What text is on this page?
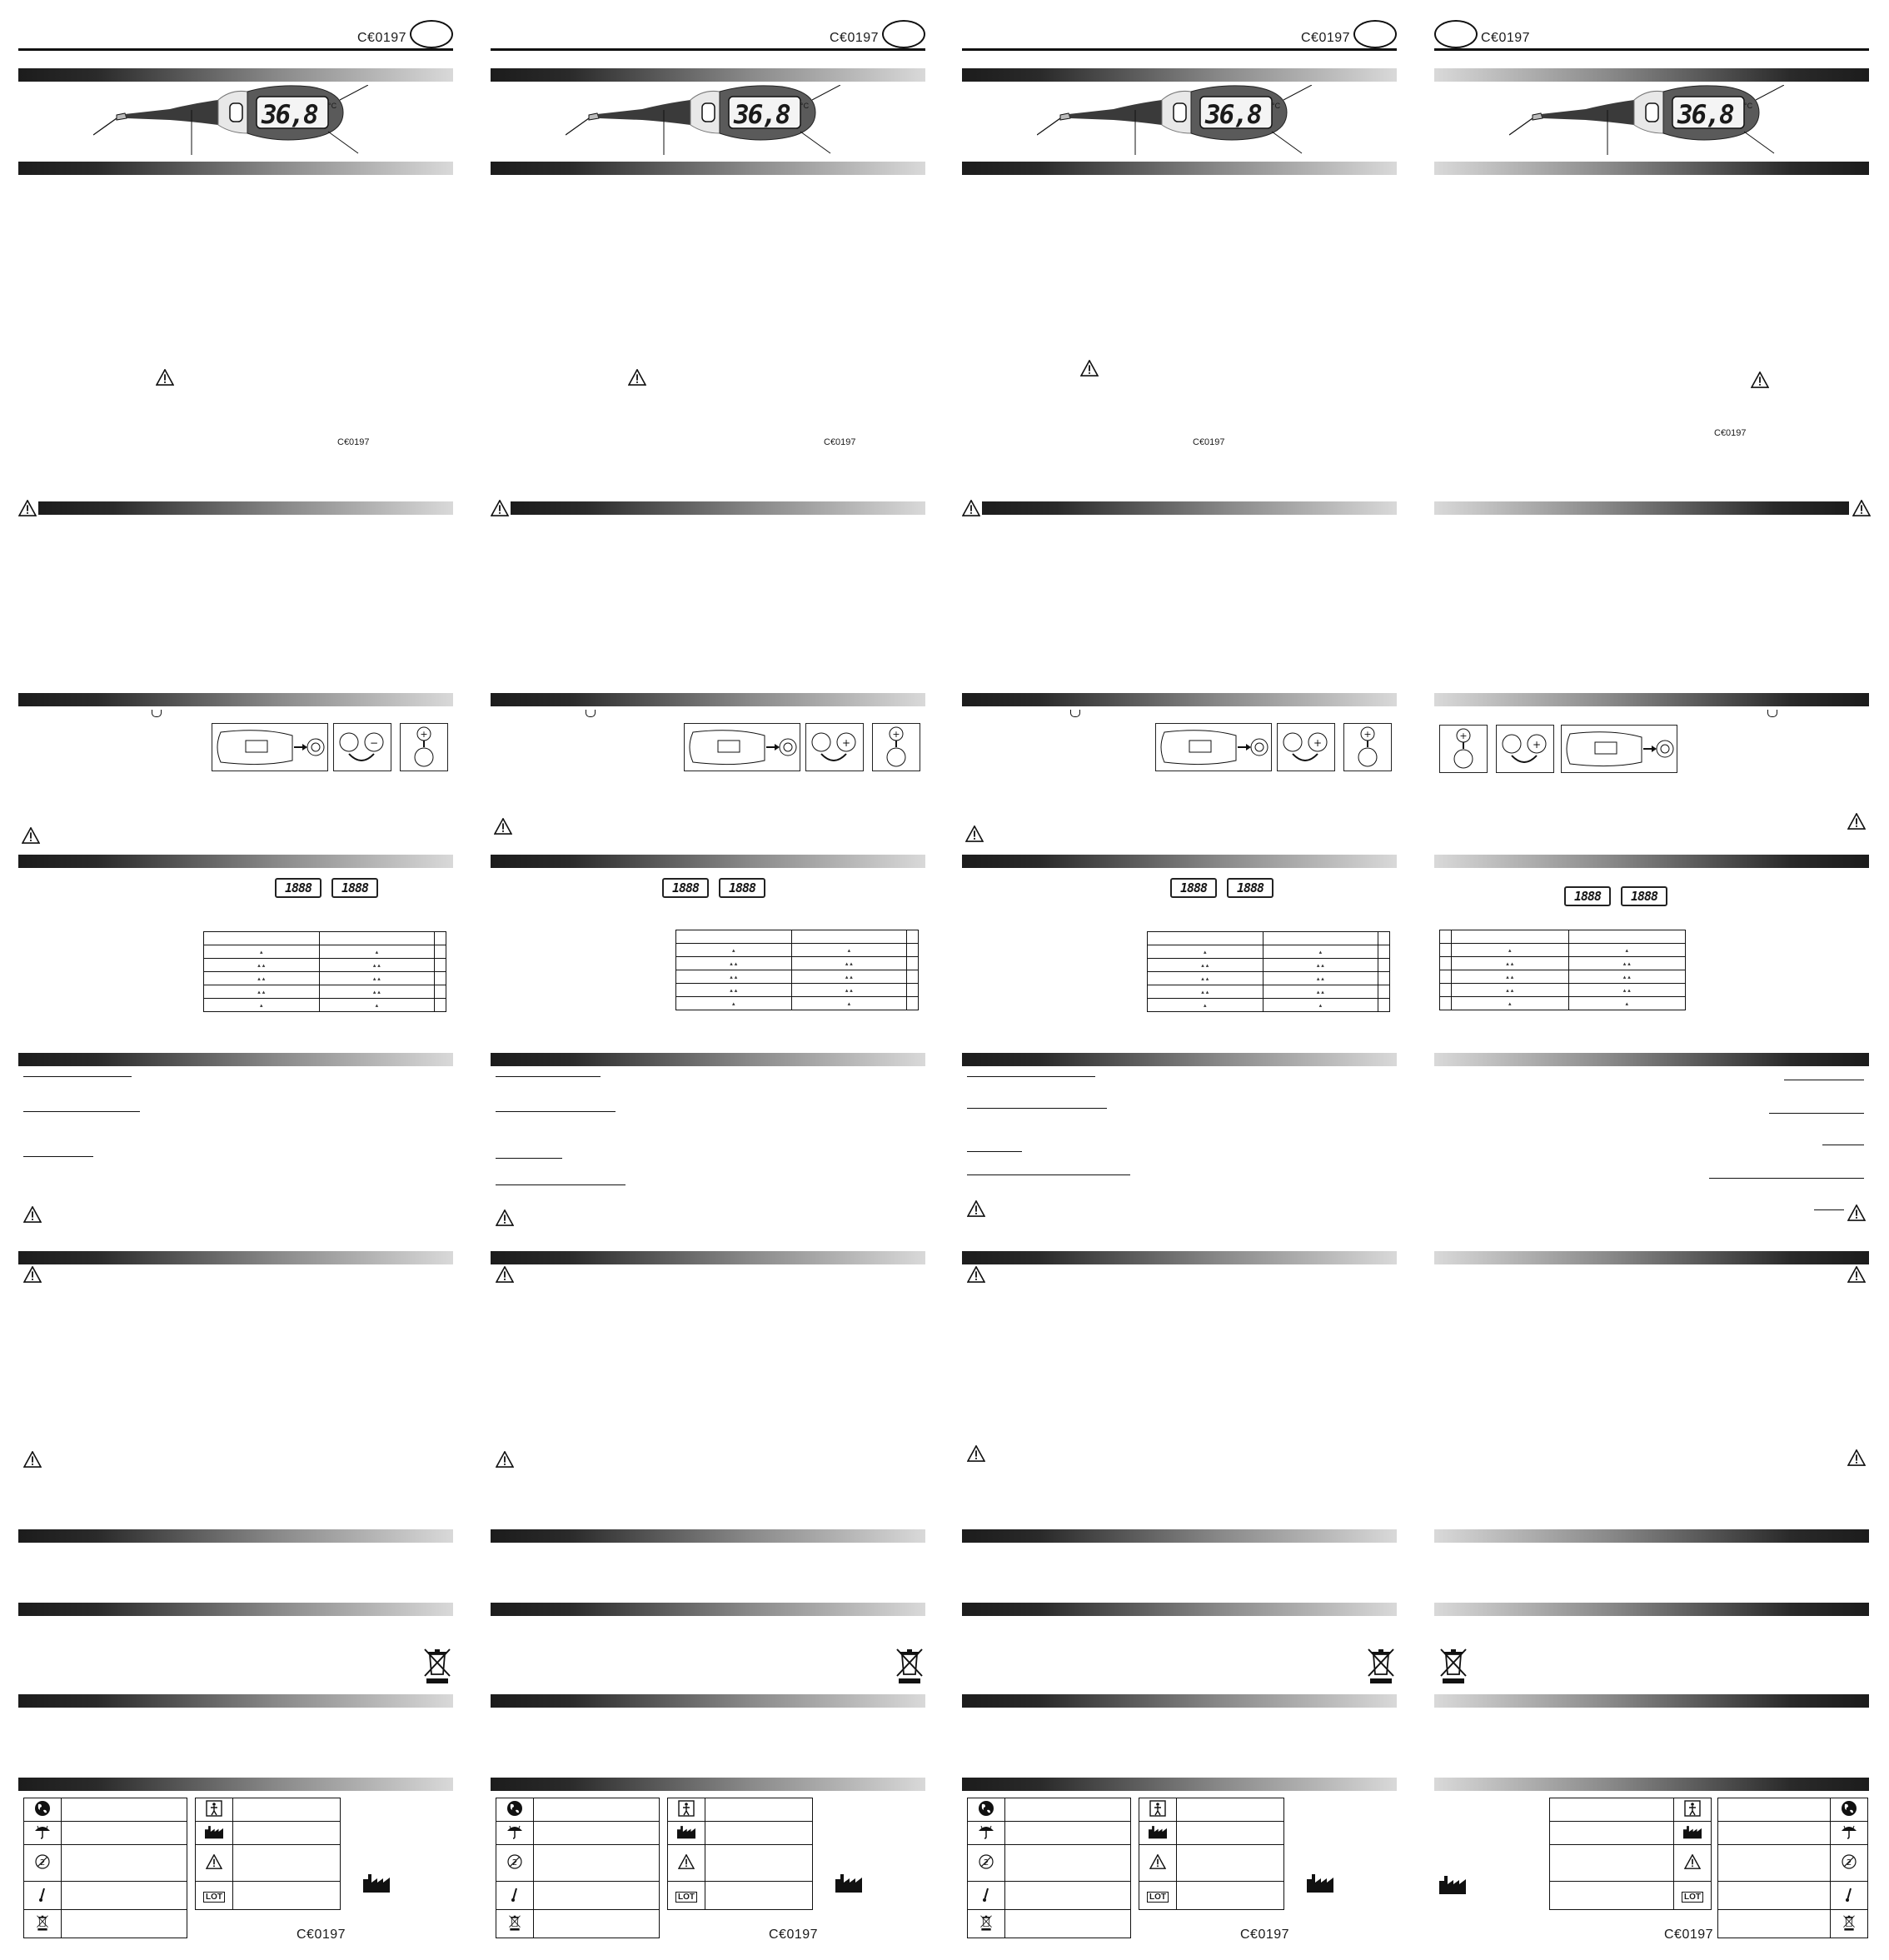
C€0197
36,8 °C
C€0197
−
+
1888	1888

▴	▴	
▴ ▴	▴ ▴	
▴ ▴	▴ ▴	
▴ ▴	▴ ▴	
▴	▴	

LOT	
C€0197
C€0197
36,8 °C
C€0197
+
+
1888	1888

▴	▴	
▴ ▴	▴ ▴	
▴ ▴	▴ ▴	
▴ ▴	▴ ▴	
▴	▴	

LOT	
C€0197
C€0197
36,8 °C
C€0197
+
+
1888	1888

▴	▴	
▴ ▴	▴ ▴	
▴ ▴	▴ ▴	
▴ ▴	▴ ▴	
▴	▴	

LOT	
C€0197
C€0197
36,8 °C
C€0197
+
+
1888	1888

	▴	▴
	▴ ▴	▴ ▴
	▴ ▴	▴ ▴
	▴ ▴	▴ ▴
	▴	▴

	LOT

C€0197
